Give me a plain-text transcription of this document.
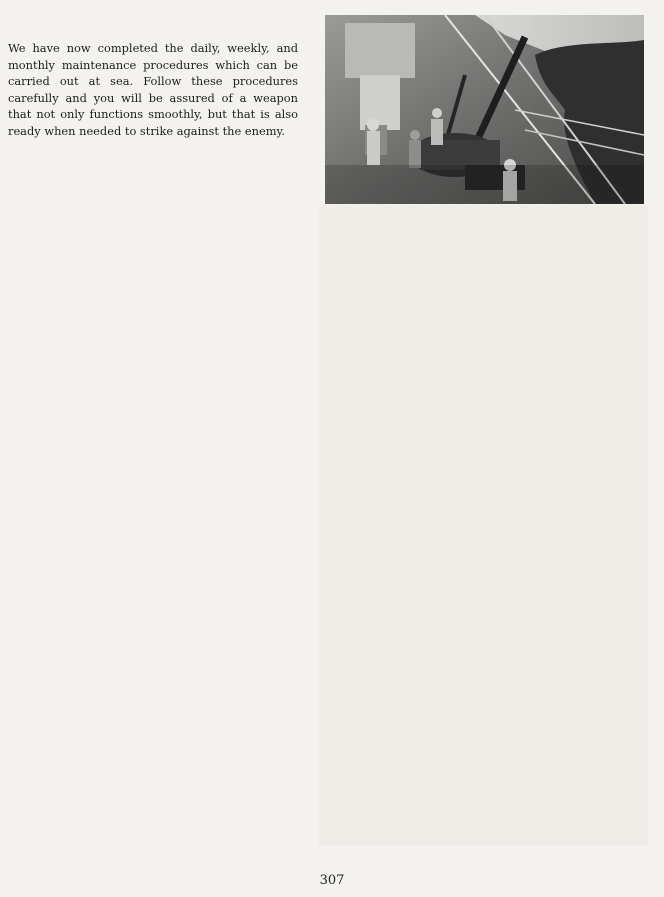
We have now completed the daily, weekly, and monthly maintenance procedures which can be carried out at sea. Follow these procedures carefully and you will be assured of a weapon that not only functions smoothly, but that is also ready when needed to strike against the enemy.

307
